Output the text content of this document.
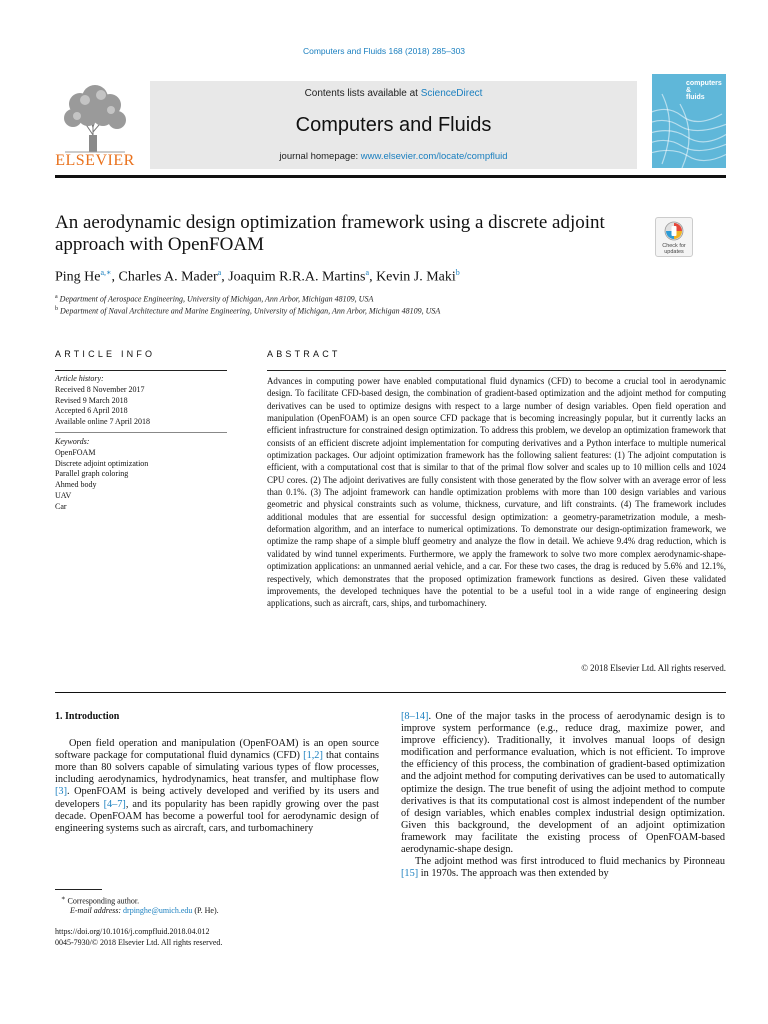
Computers and Fluids 168 (2018) 285–303
ELSEVIER
Contents lists available at ScienceDirect
Computers and Fluids
journal homepage: www.elsevier.com/locate/compfluid
computers
&
fluids
An aerodynamic design optimization framework using a discrete adjoint approach with OpenFOAM	Check for updates
Ping $He^{a,∗}$, Charles A. Mader$^a$, Joaquim R.R.A. Martins$^a$, Kevin J. Maki$^b$
$^a$ Department of Aerospace Engineering, University of Michigan, Ann Arbor, Michigan 48109, USA
$^b$ Department of Naval Architecture and Marine Engineering, University of Michigan, Ann Arbor, Michigan 48109, USA
ARTICLE INFO
Article history:
Received 8 November 2017
Revised 9 March 2018
Accepted 6 April 2018
Available online 7 April 2018
Keywords:
OpenFOAM
Discrete adjoint optimization
Parallel graph coloring
Ahmed body
UAV
Car
ABSTRACT
Advances in computing power have enabled computational fluid dynamics (CFD) to become a crucial tool in aerodynamic design. To facilitate CFD-based design, the combination of gradient-based optimization and the adjoint method for computing derivatives can be used to optimize designs with respect to a large number of design variables. Open field operation and manipulation (OpenFOAM) is an open source CFD package that is becoming increasingly popular, but it currently lacks an efficient infrastructure for constrained design optimization. To address this problem, we develop an optimization framework that consists of an efficient discrete adjoint implementation for computing derivatives and a Python interface to multiple numerical optimization packages. Our adjoint optimization framework has the following salient features: (1) The adjoint computation is efficient, with a computational cost that is similar to that of the primal flow solver and scales up to 10 million cells and 1024 CPU cores. (2) The adjoint derivatives are fully consistent with those generated by the flow solver with an average error of less than 0.1%. (3) The adjoint framework can handle optimization problems with more than 100 design variables and various geometric and physical constraints such as volume, thickness, curvature, and lift constraints. (4) The framework includes additional modules that are essential for successful design optimization: a geometry-parametrization module, a mesh-deformation algorithm, and an interface to numerical optimizations. To demonstrate our design-optimization framework, we optimize the ramp shape of a simple bluff geometry and analyze the flow in detail. We achieve 9.4% drag reduction, which is validated by wind tunnel experiments. Furthermore, we apply the framework to solve two more complex aerodynamic-shape-optimization applications: an unmanned aerial vehicle, and a car. For these two cases, the drag is reduced by 5.6% and 12.1%, respectively, which demonstrates that the proposed optimization framework functions as desired. Given these validated improvements, the developed techniques have the potential to be a useful tool in a wide range of engineering design applications, such as aircraft, cars, ships, and turbomachinery.
© 2018 Elsevier Ltd. All rights reserved.

1. Introduction

Open field operation and manipulation (OpenFOAM) is an open source software package for computational fluid dynamics (CFD) [1,2] that contains more than 80 solvers capable of simulating various types of flow processes, including aerodynamics, hydrodynamics, heat transfer, and multiphase flow [3]. OpenFOAM is being actively developed and verified by its users and developers [4–7], and its popularity has been rapidly growing over the past decade. OpenFOAM has become a powerful tool for aerodynamic design of engineering systems such as aircraft, cars, and turbomachinery

[8–14]. One of the major tasks in the process of aerodynamic design is to improve system performance (e.g., reduce drag, maximize power, and improve efficiency). Traditionally, it involves manual loops of design modification and performance evaluation, which is not efficient. To improve the efficiency of this process, the combination of gradient-based optimization and the adjoint method for computing derivatives can be used to automatically optimize the design. The true benefit of using the adjoint method to compute derivatives is that its computational cost is almost independent of the number of design variables, which enables complex industrial design optimization. Given this background, the development of an adjoint optimization framework may facilitate the existing process of OpenFOAM-based aerodynamic-shape design.

The adjoint method was first introduced to fluid mechanics by Pironneau [15] in 1970s. The approach was then extended by

∗ Corresponding author.
E-mail address: drpinghe@umich.edu (P. He).
https://doi.org/10.1016/j.compfluid.2018.04.012
0045-7930/© 2018 Elsevier Ltd. All rights reserved.
